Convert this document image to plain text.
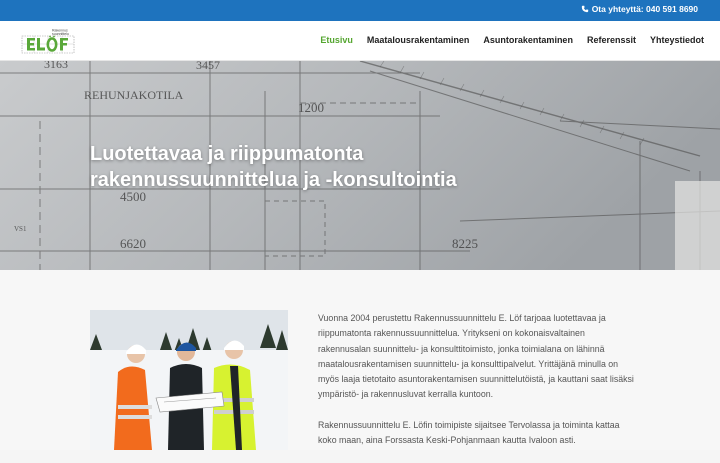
Ota yhteyttä: 040 591 8690
Rakennus
suunnittelu
Etusivu Maatalousrakentaminen Asuntorakentaminen Referenssit Yhteystiedot
3163	3457
REHUNJAKOTILA
1200
4500
6620	8225
VS1
Luotettavaa ja riippumatonta
rakennussuunnittelua ja -konsultointia

Vuonna 2004 perustettu Rakennussuunnittelu E. Löf tarjoaa luotettavaa ja riippumatonta rakennussuunnittelua. Yritykseni on kokonaisvaltainen rakennusalan suunnittelu- ja konsulttitoimisto, jonka toimialana on lähinnä maatalousrakentamisen suunnittelu- ja konsulttipalvelut. Yrittäjänä minulla on myös laaja tietotaito asuntorakentamisen suunnittelutöistä, ja kauttani saat lisäksi ympäristö- ja rakennusluvat kerralla kuntoon.

Rakennussuunnittelu E. Löfin toimipiste sijaitsee Tervolassa ja toiminta kattaa koko maan, aina Forssasta Keski-Pohjanmaan kautta Ivaloon asti.
